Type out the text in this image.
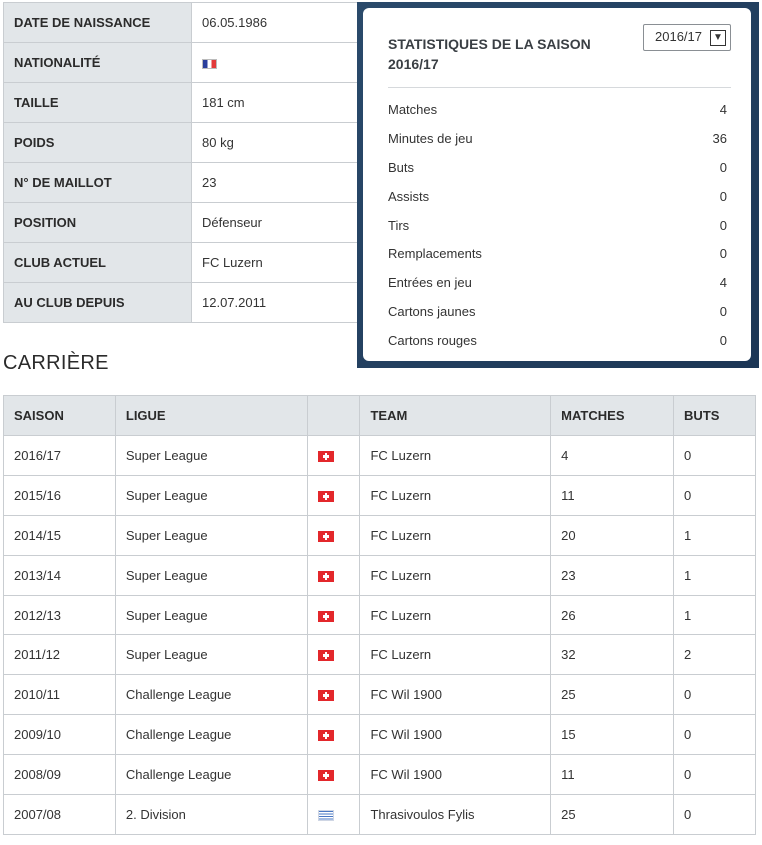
DATE DE NAISSANCE	06.05.1986
NATIONALITÉ	
TAILLE	181 cm
POIDS	80 kg
N° DE MAILLOT	23
POSITION	Défenseur
CLUB ACTUEL	FC Luzern
AU CLUB DEPUIS	12.07.2011
STATISTIQUES DE LA SAISON 2016/17
2016/17	▼
Matches	4
Minutes de jeu	36
Buts	0
Assists	0
Tirs	0
Remplacements	0
Entrées en jeu	4
Cartons jaunes	0
Cartons rouges	0
CARRIÈRE
SAISON	LIGUE		TEAM	MATCHES	BUTS
2016/17	Super League		FC Luzern	4	0
2015/16	Super League		FC Luzern	11	0
2014/15	Super League		FC Luzern	20	1
2013/14	Super League		FC Luzern	23	1
2012/13	Super League		FC Luzern	26	1
2011/12	Super League		FC Luzern	32	2
2010/11	Challenge League		FC Wil 1900	25	0
2009/10	Challenge League		FC Wil 1900	15	0
2008/09	Challenge League		FC Wil 1900	11	0
2007/08	2. Division		Thrasivoulos Fylis	25	0
